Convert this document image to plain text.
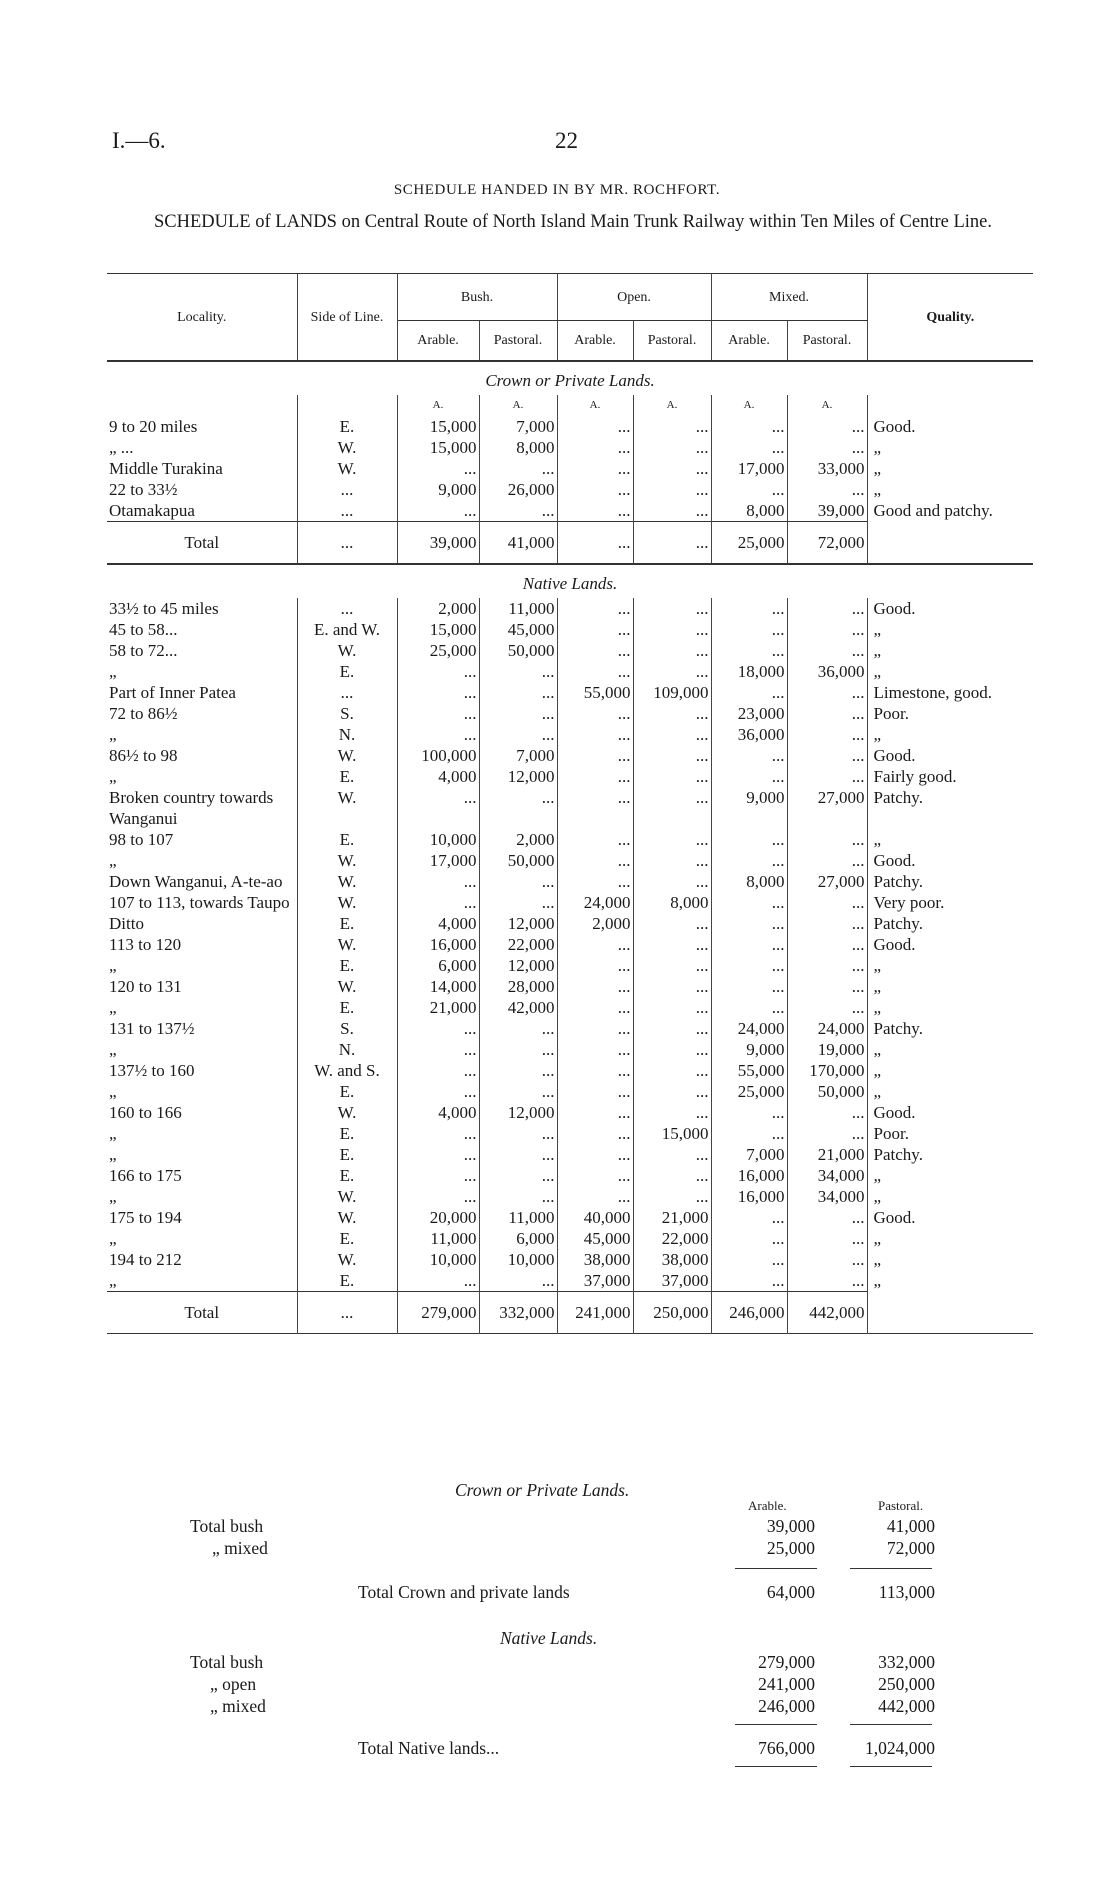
I.—6.	22
SCHEDULE HANDED IN BY MR. ROCHFORT.
SCHEDULE of LANDS on Central Route of North Island Main Trunk Railway within Ten Miles of Centre Line.
Locality.	Side of Line.	Bush.		Open.		Mixed.		Quality.
		Arable.	Pastoral.	Arable.	Pastoral.	Arable.	Pastoral.	
Crown or Private Lands.								
		A.	A.	A.	A.	A.	A.	
9 to 20 miles	E.	15,000	7,000	...	...	...	...	Good.
„ ...	W.	15,000	8,000	...	...	...	...	„
Middle Turakina	W.	...	...	...	...	17,000	33,000	„
22 to 33½	...	9,000	26,000	...	...	...	...	„
Otamakapua	...	...	...	...	...	8,000	39,000	Good and patchy.
Total	...	39,000	41,000	...	...	25,000	72,000	
Native Lands.								

33½ to 45 miles	...	2,000	11,000	...	...	...	...	Good.
45 to 58...	E. and W.	15,000	45,000	...	...	...	...	„
58 to 72...	W.	25,000	50,000	...	...	...	...	„
„	E.	...	...	...	...	18,000	36,000	„
Part of Inner Patea	...	...	...	55,000	109,000	...	...	Limestone, good.
72 to 86½	S.	...	...	...	...	23,000	...	Poor.
„	N.	...	...	...	...	36,000	...	„
86½ to 98	W.	100,000	7,000	...	...	...	...	Good.
„	E.	4,000	12,000	...	...	...	...	Fairly good.
Broken country towards Wanganui	W.	...	...	...	...	9,000	27,000	Patchy.
98 to 107	E.	10,000	2,000	...	...	...	...	„
„	W.	17,000	50,000	...	...	...	...	Good.
Down Wanganui, A-te-ao	W.	...	...	...	...	8,000	27,000	Patchy.
107 to 113, towards Taupo	W.	...	...	24,000	8,000	...	...	Very poor.
Ditto	E.	4,000	12,000	2,000	...	...	...	Patchy.
113 to 120	W.	16,000	22,000	...	...	...	...	Good.
„	E.	6,000	12,000	...	...	...	...	„
120 to 131	W.	14,000	28,000	...	...	...	...	„
„	E.	21,000	42,000	...	...	...	...	„
131 to 137½	S.	...	...	...	...	24,000	24,000	Patchy.
„	N.	...	...	...	...	9,000	19,000	„
137½ to 160	W. and S.	...	...	...	...	55,000	170,000	„
„	E.	...	...	...	...	25,000	50,000	„
160 to 166	W.	4,000	12,000	...	...	...	...	Good.
„	E.	...	...	...	15,000	...	...	Poor.
„	E.	...	...	...	...	7,000	21,000	Patchy.
166 to 175	E.	...	...	...	...	16,000	34,000	„
„	W.	...	...	...	...	16,000	34,000	„
175 to 194	W.	20,000	11,000	40,000	21,000	...	...	Good.
„	E.	11,000	6,000	45,000	22,000	...	...	„
194 to 212	W.	10,000	10,000	38,000	38,000	...	...	„
„	E.	...	...	37,000	37,000	...	...	„
Total	...	279,000	332,000	241,000	250,000	246,000	442,000	
Crown or Private Lands.
Arable.	Pastoral.
Total bush	39,000	41,000
„ mixed	25,000	72,000
Total Crown and private lands	64,000	113,000
Native Lands.
Total bush	279,000	332,000
„ open	241,000	250,000
„ mixed	246,000	442,000
Total Native lands...	766,000	1,024,000
